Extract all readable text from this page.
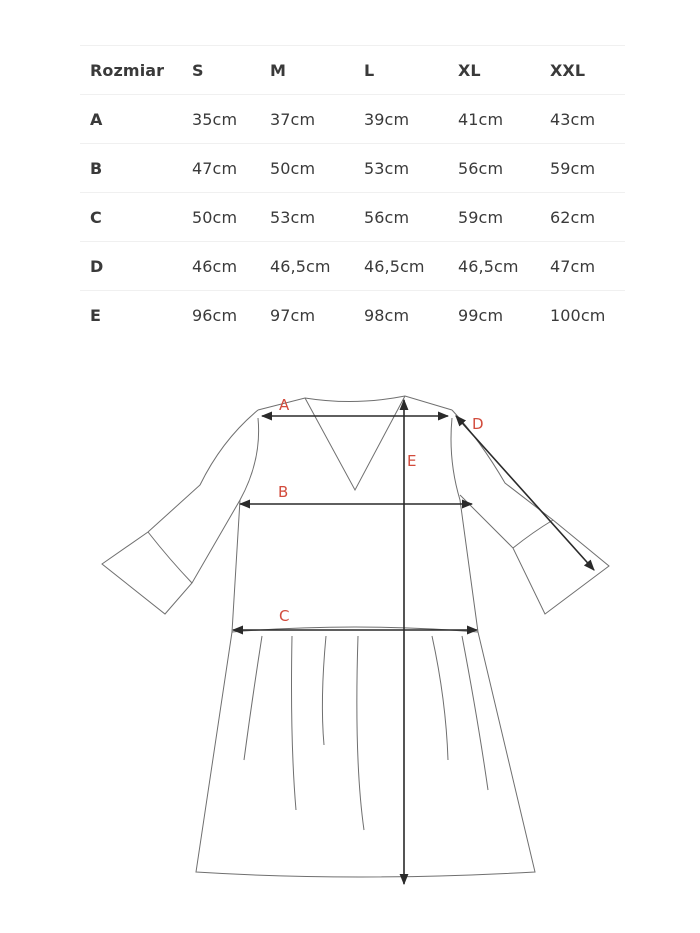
Rozmiar	S	M	L	XL	XXL
A	35cm	37cm	39cm	41cm	43cm
B	47cm	50cm	53cm	56cm	59cm
C	50cm	53cm	56cm	59cm	62cm
D	46cm	46,5cm	46,5cm	46,5cm	47cm
E	96cm	97cm	98cm	99cm	100cm
A
B
C
D
E
